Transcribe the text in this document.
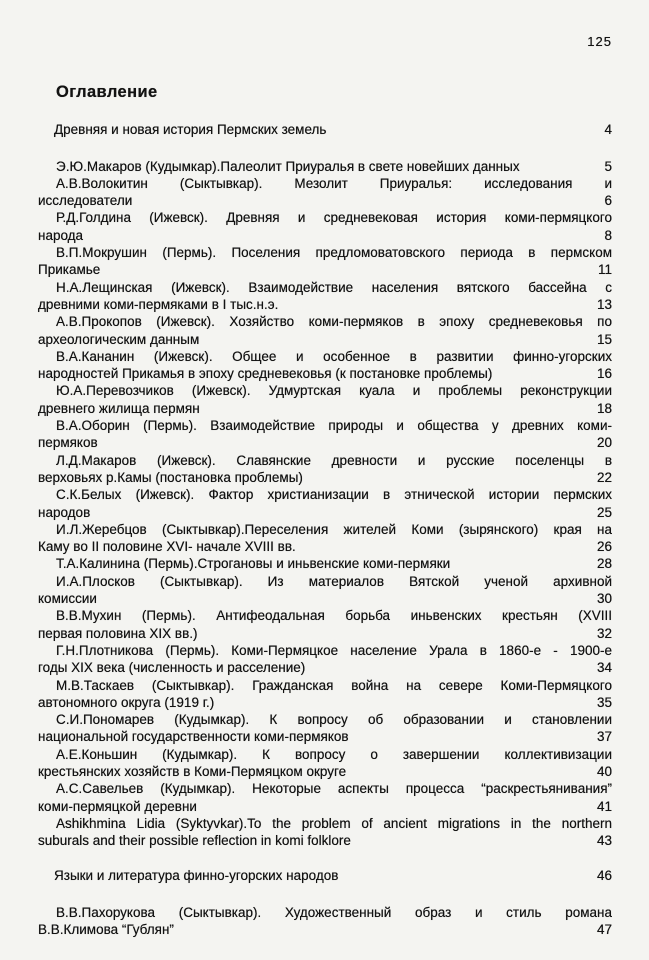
125
Оглавление
Древняя и новая история Пермских земель	4
Э.Ю.Макаров (Кудымкар).Палеолит Приуралья в свете новейших данных	5
А.В.Волокитин (Сыктывкар). Мезолит Приуралья: исследования и
исследователи	6
Р.Д.Голдина (Ижевск). Древняя и средневековая история коми-пермяцкого
народа	8
В.П.Мокрушин (Пермь). Поселения предломоватовского периода в пермском
Прикамье	11
Н.А.Лещинская (Ижевск). Взаимодействие населения вятского бассейна с
древними коми-пермяками в I тыс.н.э.	13
А.В.Прокопов (Ижевск). Хозяйство коми-пермяков в эпоху средневековья по
археологическим данным	15
В.А.Кананин (Ижевск). Общее и особенное в развитии финно-угорских
народностей Прикамья в эпоху средневековья (к постановке проблемы)	16
Ю.А.Перевозчиков (Ижевск). Удмуртская куала и проблемы реконструкции
древнего жилища пермян	18
В.А.Оборин (Пермь). Взаимодействие природы и общества у древних коми-
пермяков	20
Л.Д.Макаров (Ижевск). Славянские древности и русские поселенцы в
верховьях р.Камы (постановка проблемы)	22
С.К.Белых (Ижевск). Фактор христианизации в этнической истории пермских
народов	25
И.Л.Жеребцов (Сыктывкар).Переселения жителей Коми (зырянского) края на
Каму во II половине XVI- начале XVIII вв.	26
Т.А.Калинина (Пермь).Строгановы и иньвенские коми-пермяки	28
И.А.Плосков (Сыктывкар). Из материалов Вятской ученой архивной
комиссии	30
В.В.Мухин (Пермь). Антифеодальная борьба иньвенских крестьян (XVIII
первая половина XIX вв.)	32
Г.Н.Плотникова (Пермь). Коми-Пермяцкое население Урала в 1860-е - 1900-е
годы XIX века (численность и расселение)	34
М.В.Таскаев (Сыктывкар). Гражданская война на севере Коми-Пермяцкого
автономного округа (1919 г.)	35
С.И.Пономарев (Кудымкар). К вопросу об образовании и становлении
национальной государственности коми-пермяков	37
А.Е.Коньшин (Кудымкар). К вопросу о завершении коллективизации
крестьянских хозяйств в Коми-Пермяцком округе	40
А.С.Савельев (Кудымкар). Некоторые аспекты процесса “раскрестьянивания”
коми-пермяцкой деревни	41
Ashikhmina Lidia (Syktyvkar).To the problem of ancient migrations in the northern
suburals and their possible reflection in komi folklore	43
Языки и литература финно-угорских народов	46
В.В.Пахорукова (Сыктывкар). Художественный образ и стиль романа
В.В.Климова “Гублян”	47
